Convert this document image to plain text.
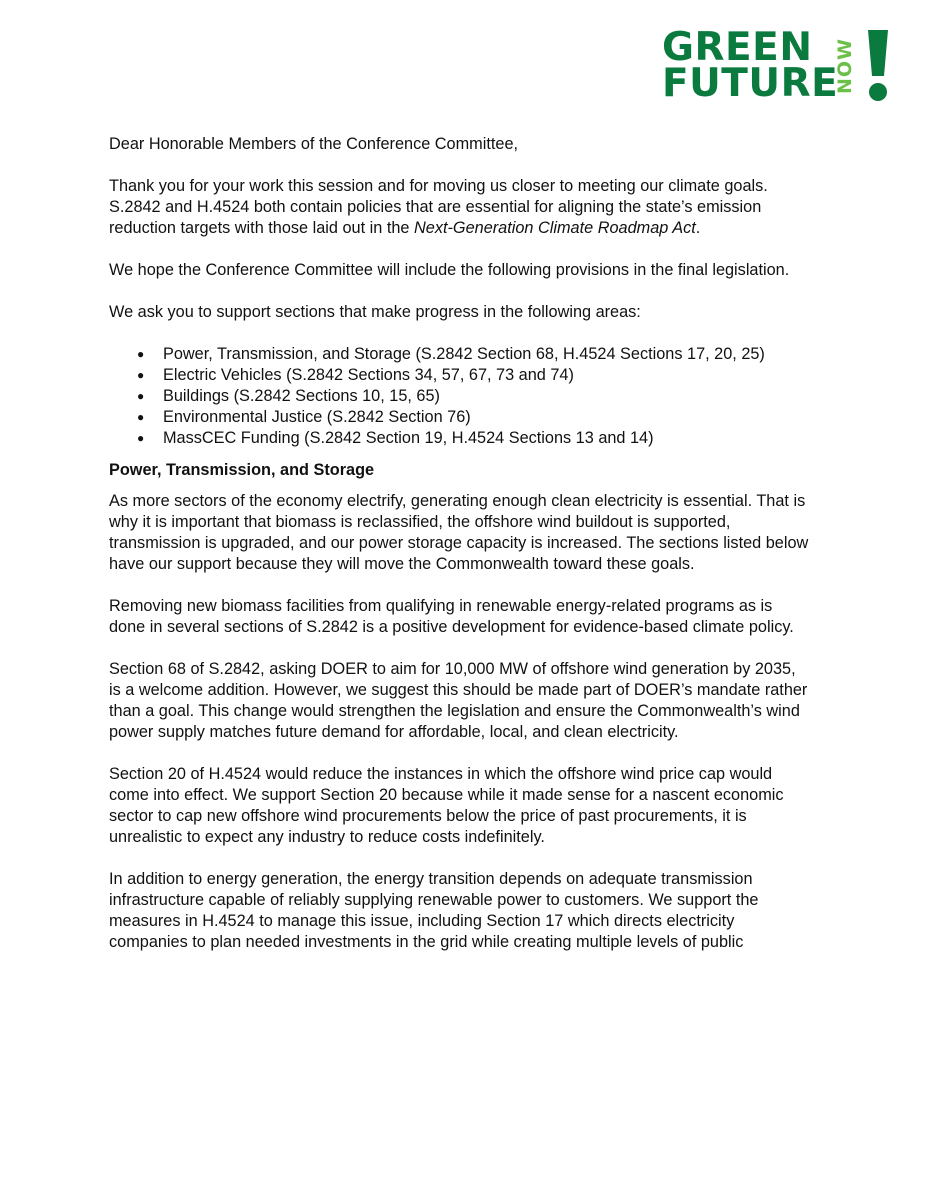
GREEN
FUTURE
NOW

Dear Honorable Members of the Conference Committee,

Thank you for your work this session and for moving us closer to meeting our climate goals. S.2842 and H.4524 both contain policies that are essential for aligning the state’s emission reduction targets with those laid out in the Next-Generation Climate Roadmap Act.

We hope the Conference Committee will include the following provisions in the final legislation.

We ask you to support sections that make progress in the following areas:

● Power, Transmission, and Storage (S.2842 Section 68, H.4524 Sections 17, 20, 25)
● Electric Vehicles (S.2842 Sections 34, 57, 67, 73 and 74)
● Buildings (S.2842 Sections 10, 15, 65)
● Environmental Justice (S.2842 Section 76)
● MassCEC Funding (S.2842 Section 19, H.4524 Sections 13 and 14)
Power, Transmission, and Storage

As more sectors of the economy electrify, generating enough clean electricity is essential. That is why it is important that biomass is reclassified, the offshore wind buildout is supported, transmission is upgraded, and our power storage capacity is increased. The sections listed below have our support because they will move the Commonwealth toward these goals.

Removing new biomass facilities from qualifying in renewable energy-related programs as is done in several sections of S.2842 is a positive development for evidence-based climate policy.

Section 68 of S.2842, asking DOER to aim for 10,000 MW of offshore wind generation by 2035, is a welcome addition. However, we suggest this should be made part of DOER’s mandate rather than a goal. This change would strengthen the legislation and ensure the Commonwealth’s wind power supply matches future demand for affordable, local, and clean electricity.

Section 20 of H.4524 would reduce the instances in which the offshore wind price cap would come into effect. We support Section 20 because while it made sense for a nascent economic sector to cap new offshore wind procurements below the price of past procurements, it is unrealistic to expect any industry to reduce costs indefinitely.

In addition to energy generation, the energy transition depends on adequate transmission infrastructure capable of reliably supplying renewable power to customers. We support the measures in H.4524 to manage this issue, including Section 17 which directs electricity companies to plan needed investments in the grid while creating multiple levels of public
